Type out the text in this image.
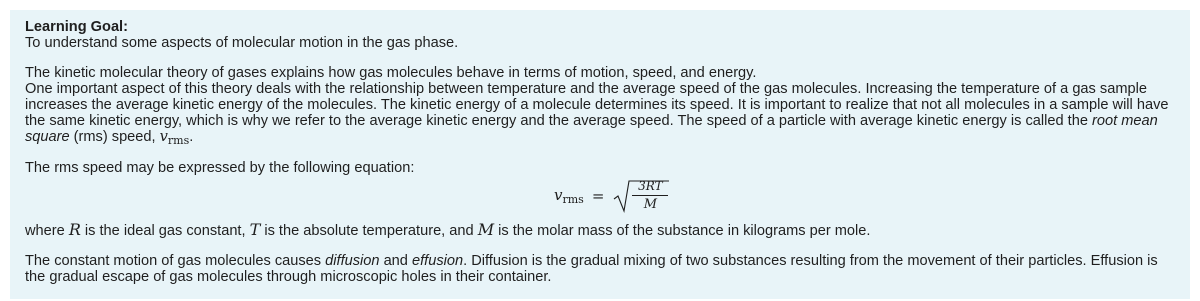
Learning Goal:

To understand some aspects of molecular motion in the gas phase.

The kinetic molecular theory of gases explains how gas molecules behave in terms of motion, speed, and energy.

One important aspect of this theory deals with the relationship between temperature and the average speed of the gas molecules. Increasing the temperature of a gas sample increases the average kinetic energy of the molecules. The kinetic energy of a molecule determines its speed. It is important to realize that not all molecules in a sample will have the same kinetic energy, which is why we refer to the average kinetic energy and the average speed. The speed of a particle with average kinetic energy is called the root mean square (rms) speed, $v_{rms}$.

The rms speed may be expressed by the following equation:

$v_{rms}$ =
3RT
M

where R is the ideal gas constant, T is the absolute temperature, and M is the molar mass of the substance in kilograms per mole.

The constant motion of gas molecules causes diffusion and effusion. Diffusion is the gradual mixing of two substances resulting from the movement of their particles. Effusion is the gradual escape of gas molecules through microscopic holes in their container.
